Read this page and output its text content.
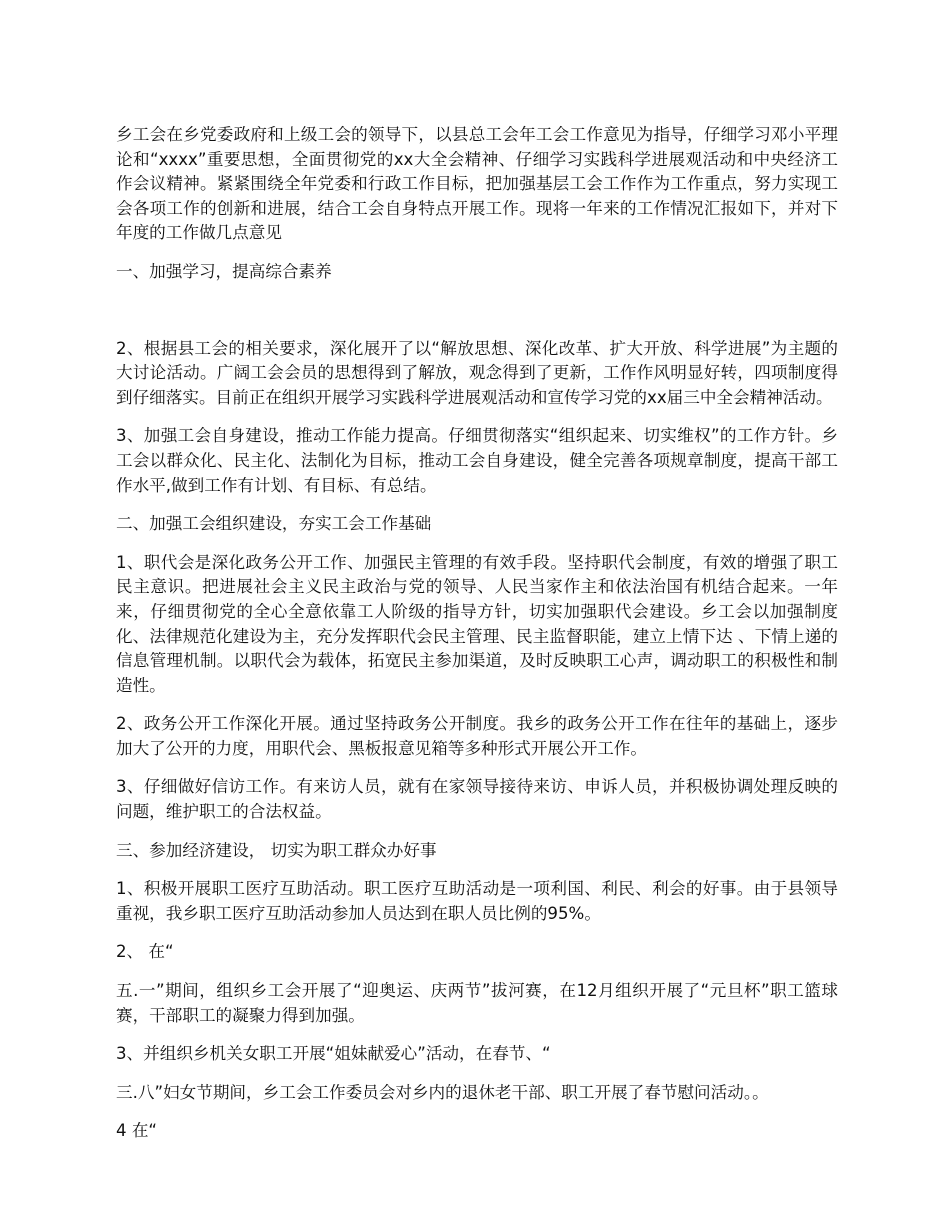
乡工会在乡党委政府和上级工会的领导下，以县总工会年工会工作意见为指导，仔细学习邓小平理论和“xxxx”重要思想，全面贯彻党的xx大全会精神、仔细学习实践科学进展观活动和中央经济工作会议精神。紧紧围绕全年党委和行政工作目标，把加强基层工会工作作为工作重点，努力实现工会各项工作的创新和进展，结合工会自身特点开展工作。现将一年来的工作情况汇报如下，并对下年度的工作做几点意见

一、加强学习，提高综合素养

2、根据县工会的相关要求，深化展开了以“解放思想、深化改革、扩大开放、科学进展”为主题的大讨论活动。广阔工会会员的思想得到了解放，观念得到了更新，工作作风明显好转，四项制度得到仔细落实。目前正在组织开展学习实践科学进展观活动和宣传学习党的xx届三中全会精神活动。

3、加强工会自身建设，推动工作能力提高。仔细贯彻落实“组织起来、切实维权”的工作方针。乡工会以群众化、民主化、法制化为目标，推动工会自身建设，健全完善各项规章制度，提高干部工作水平,做到工作有计划、有目标、有总结。

二、加强工会组织建设，夯实工会工作基础

1、职代会是深化政务公开工作、加强民主管理的有效手段。坚持职代会制度，有效的增强了职工民主意识。把进展社会主义民主政治与党的领导、人民当家作主和依法治国有机结合起来。一年来，仔细贯彻党的全心全意依靠工人阶级的指导方针，切实加强职代会建设。乡工会以加强制度化、法律规范化建设为主，充分发挥职代会民主管理、民主监督职能，建立上情下达 、下情上递的信息管理机制。以职代会为载体，拓宽民主参加渠道，及时反映职工心声，调动职工的积极性和制造性。

2、政务公开工作深化开展。通过坚持政务公开制度。我乡的政务公开工作在往年的基础上，逐步加大了公开的力度，用职代会、黑板报意见箱等多种形式开展公开工作。

3、仔细做好信访工作。有来访人员，就有在家领导接待来访、申诉人员，并积极协调处理反映的问题，维护职工的合法权益。

三、参加经济建设， 切实为职工群众办好事

1、积极开展职工医疗互助活动。职工医疗互助活动是一项利国、利民、利会的好事。由于县领导重视，我乡职工医疗互助活动参加人员达到在职人员比例的95%。

2、 在“

五.一”期间，组织乡工会开展了“迎奥运、庆两节”拔河赛，在12月组织开展了“元旦杯”职工篮球赛，干部职工的凝聚力得到加强。

3、并组织乡机关女职工开展“姐妹献爱心”活动，在春节、“

三.八”妇女节期间，乡工会工作委员会对乡内的退休老干部、职工开展了春节慰问活动。。

4 在“
